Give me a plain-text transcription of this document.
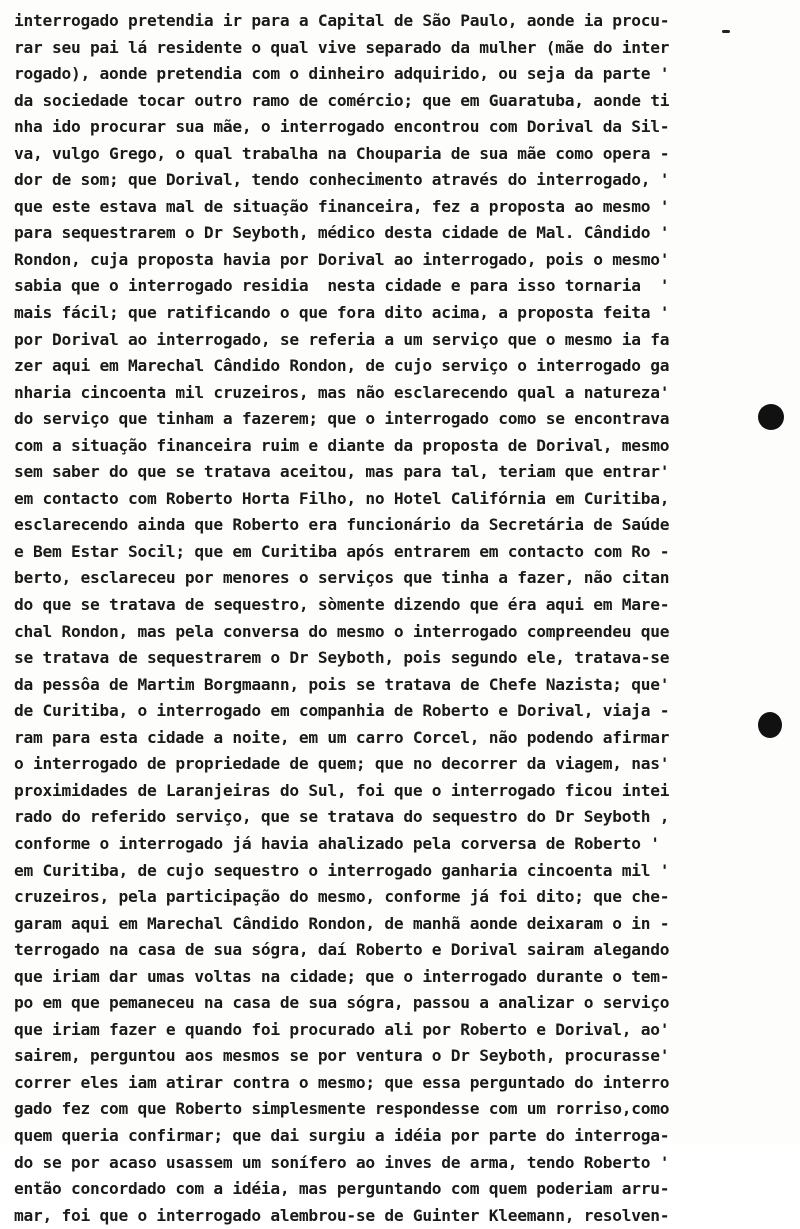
interrogado pretendia ir para a Capital de São Paulo, aonde ia procu-
rar seu pai lá residente o qual vive separado da mulher (mãe do inter
rogado), aonde pretendia com o dinheiro adquirido, ou seja da parte '
da sociedade tocar outro ramo de comércio; que em Guaratuba, aonde ti
nha ido procurar sua mãe, o interrogado encontrou com Dorival da Sil-
va, vulgo Grego, o qual trabalha na Chouparia de sua mãe como opera -
dor de som; que Dorival, tendo conhecimento através do interrogado, '
que este estava mal de situação financeira, fez a proposta ao mesmo '
para sequestrarem o Dr Seyboth, médico desta cidade de Mal. Cândido '
Rondon, cuja proposta havia por Dorival ao interrogado, pois o mesmo'
sabia que o interrogado residia  nesta cidade e para isso tornaria  '
mais fácil; que ratificando o que fora dito acima, a proposta feita '
por Dorival ao interrogado, se referia a um serviço que o mesmo ia fa
zer aqui em Marechal Cândido Rondon, de cujo serviço o interrogado ga
nharia cincoenta mil cruzeiros, mas não esclarecendo qual a natureza'
do serviço que tinham a fazerem; que o interrogado como se encontrava
com a situação financeira ruim e diante da proposta de Dorival, mesmo
sem saber do que se tratava aceitou, mas para tal, teriam que entrar'
em contacto com Roberto Horta Filho, no Hotel Califórnia em Curitiba,
esclarecendo ainda que Roberto era funcionário da Secretária de Saúde
e Bem Estar Socil; que em Curitiba após entrarem em contacto com Ro -
berto, esclareceu por menores o serviços que tinha a fazer, não citan
do que se tratava de sequestro, sòmente dizendo que éra aqui em Mare-
chal Rondon, mas pela conversa do mesmo o interrogado compreendeu que
se tratava de sequestrarem o Dr Seyboth, pois segundo ele, tratava-se
da pessôa de Martim Borgmaann, pois se tratava de Chefe Nazista; que'
de Curitiba, o interrogado em companhia de Roberto e Dorival, viaja -
ram para esta cidade a noite, em um carro Corcel, não podendo afirmar
o interrogado de propriedade de quem; que no decorrer da viagem, nas'
proximidades de Laranjeiras do Sul, foi que o interrogado ficou intei
rado do referido serviço, que se tratava do sequestro do Dr Seyboth ,
conforme o interrogado já havia ahalizado pela corversa de Roberto '
em Curitiba, de cujo sequestro o interrogado ganharia cincoenta mil '
cruzeiros, pela participação do mesmo, conforme já foi dito; que che-
garam aqui em Marechal Cândido Rondon, de manhã aonde deixaram o in -
terrogado na casa de sua sógra, daí Roberto e Dorival sairam alegando
que iriam dar umas voltas na cidade; que o interrogado durante o tem-
po em que pemaneceu na casa de sua sógra, passou a analizar o serviço
que iriam fazer e quando foi procurado ali por Roberto e Dorival, ao'
sairem, perguntou aos mesmos se por ventura o Dr Seyboth, procurasse'
correr eles iam atirar contra o mesmo; que essa perguntado do interro
gado fez com que Roberto simplesmente respondesse com um rorriso,como
quem queria confirmar; que dai surgiu a idéia por parte do interroga-
do se por acaso usassem um sonífero ao inves de arma, tendo Roberto '
então concordado com a idéia, mas perguntando com quem poderiam arru-
mar, foi que o interrogado alembrou-se de Guinter Kleemann, resolven-
